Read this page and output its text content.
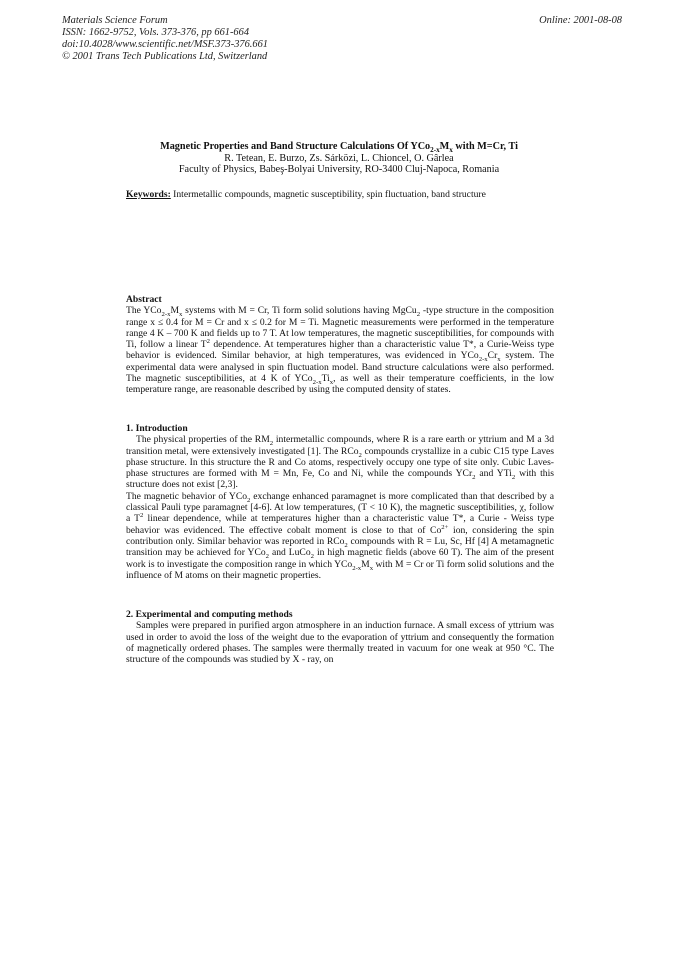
Materials Science Forum
ISSN: 1662-9752, Vols. 373-376, pp 661-664
doi:10.4028/www.scientific.net/MSF.373-376.661
© 2001 Trans Tech Publications Ltd, Switzerland
Online: 2001-08-08
Magnetic Properties and Band Structure Calculations Of $YCo_{2-x}M_x$ with M=Cr, Ti
R. Tetean, E. Burzo, Zs. Sárközi, L. Chioncel, O. Gârlea
Faculty of Physics, Babeş-Bolyai University, RO-3400 Cluj-Napoca, Romania
Keywords: Intermetallic compounds, magnetic susceptibility, spin fluctuation, band structure
Abstract

The $YCo_{2-x}M_x$ systems with M = Cr, Ti form solid solutions having MgCu$_2$ -type structure in the composition range x ≤ 0.4 for M = Cr and x ≤ 0.2 for M = Ti. Magnetic measurements were performed in the temperature range 4 K – 700 K and fields up to 7 T. At low temperatures, the magnetic susceptibilities, for compounds with Ti, follow a linear $T^2$ dependence. At temperatures higher than a characteristic value T*, a Curie-Weiss type behavior is evidenced. Similar behavior, at high temperatures, was evidenced in $YCo_{2-x}Cr_x$ system. The experimental data were analysed in spin fluctuation model. Band structure calculations were also performed. The magnetic susceptibilities, at 4 K of $YCo_{2-x}Ti_x$, as well as their temperature coefficients, in the low temperature range, are reasonable described by using the computed density of states.

1. Introduction

The physical properties of the $RM_2$ intermetallic compounds, where R is a rare earth or yttrium and M a 3d transition metal, were extensively investigated [1]. The RCo$_2$ compounds crystallize in a cubic C15 type Laves phase structure. In this structure the R and Co atoms, respectively occupy one type of site only. Cubic Laves-phase structures are formed with M = Mn, Fe, Co and Ni, while the compounds YCr$_2$ and YTi$_2$ with this structure does not exist [2,3].

The magnetic behavior of YCo$_2$ exchange enhanced paramagnet is more complicated than that described by a classical Pauli type paramagnet [4-6]. At low temperatures, (T < 10 K), the magnetic susceptibilities, χ, follow a $T^2$ linear dependence, while at temperatures higher than a characteristic value T*, a Curie - Weiss type behavior was evidenced. The effective cobalt moment is close to that of $Co^{2+}$ ion, considering the spin contribution only. Similar behavior was reported in RCo$_2$ compounds with R = Lu, Sc, Hf [4] A metamagnetic transition may be achieved for YCo$_2$ and LuCo$_2$ in high magnetic fields (above 60 T). The aim of the present work is to investigate the composition range in which $YCo_{2-x}M_x$ with M = Cr or Ti form solid solutions and the influence of M atoms on their magnetic properties.

2. Experimental and computing methods

Samples were prepared in purified argon atmosphere in an induction furnace. A small excess of yttrium was used in order to avoid the loss of the weight due to the evaporation of yttrium and consequently the formation of magnetically ordered phases. The samples were thermally treated in vacuum for one weak at 950 °C. The structure of the compounds was studied by X - ray, on
